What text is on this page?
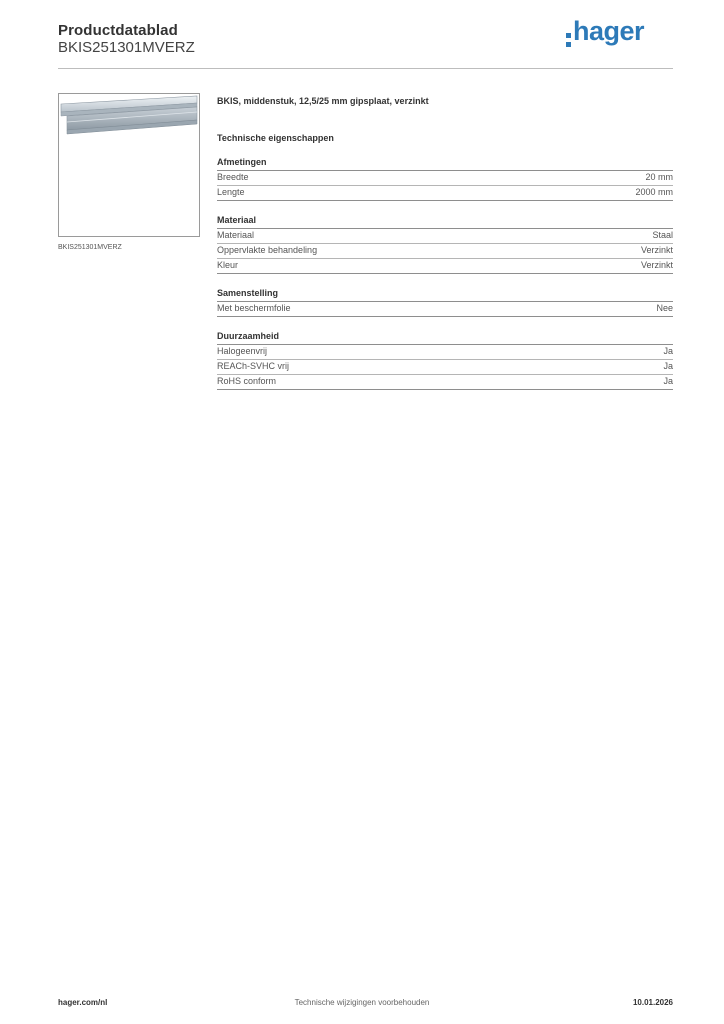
Productdatablad
BKIS251301MVERZ
hager
BKIS251301MVERZ
BKIS, middenstuk, 12,5/25 mm gipsplaat, verzinkt
Technische eigenschappen
Afmetingen
Breedte	20 mm
Lengte	2000 mm
Materiaal
Materiaal	Staal
Oppervlakte behandeling	Verzinkt
Kleur	Verzinkt
Samenstelling
Met beschermfolie	Nee
Duurzaamheid
Halogeenvrij	Ja
REACh-SVHC vrij	Ja
RoHS conform	Ja
hager.com/nl	Technische wijzigingen voorbehouden	10.01.2026
